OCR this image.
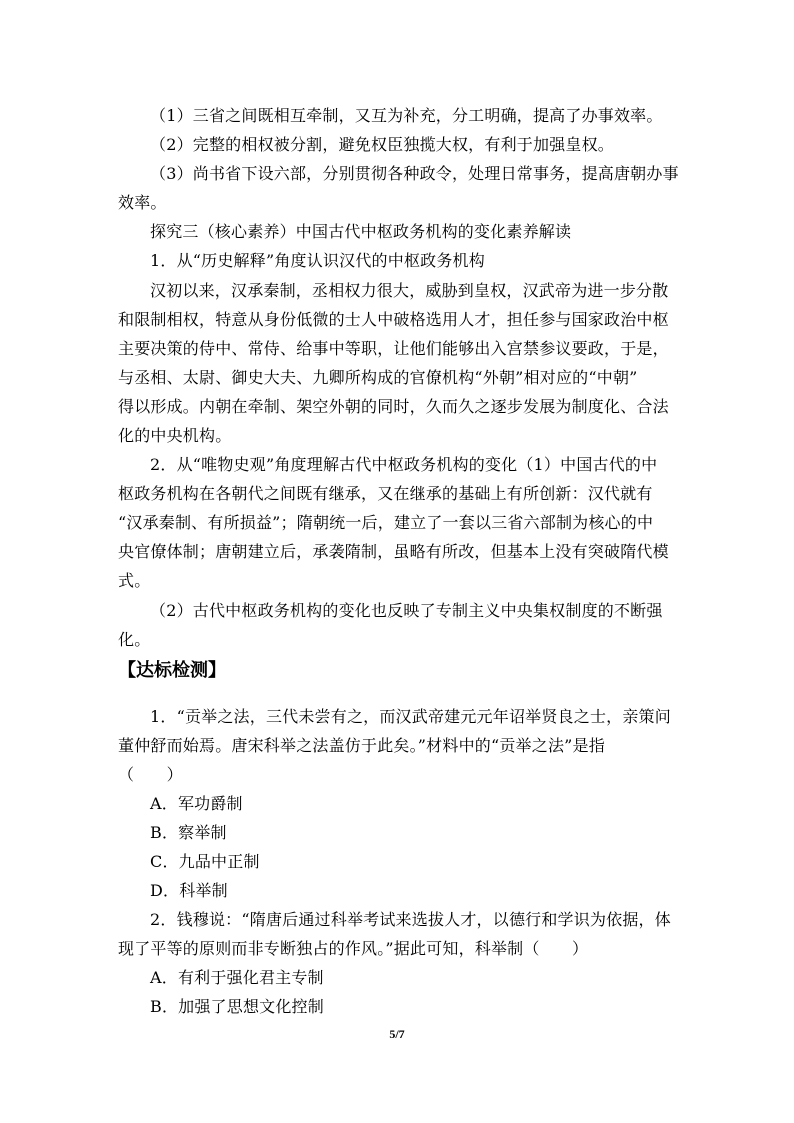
（1）三省之间既相互牵制，又互为补充，分工明确，提高了办事效率。
（2）完整的相权被分割，避免权臣独揽大权，有利于加强皇权。
（3）尚书省下设六部，分别贯彻各种政令，处理日常事务，提高唐朝办事
效率。
探究三（核心素养）中国古代中枢政务机构的变化素养解读
1．从“历史解释”角度认识汉代的中枢政务机构
汉初以来，汉承秦制，丞相权力很大，威胁到皇权，汉武帝为进一步分散
和限制相权，特意从身份低微的士人中破格选用人才，担任参与国家政治中枢
主要决策的侍中、常侍、给事中等职，让他们能够出入宫禁参议要政，于是，
与丞相、太尉、御史大夫、九卿所构成的官僚机构“外朝”相对应的“中朝”
得以形成。内朝在牵制、架空外朝的同时，久而久之逐步发展为制度化、合法
化的中央机构。
2．从“唯物史观”角度理解古代中枢政务机构的变化（1）中国古代的中
枢政务机构在各朝代之间既有继承，又在继承的基础上有所创新：汉代就有
“汉承秦制、有所损益”；隋朝统一后，建立了一套以三省六部制为核心的中
央官僚体制；唐朝建立后，承袭隋制，虽略有所改，但基本上没有突破隋代模
式。
（2）古代中枢政务机构的变化也反映了专制主义中央集权制度的不断强
化。
【达标检测】
1．“贡举之法，三代未尝有之，而汉武帝建元元年诏举贤良之士，亲策问
董仲舒而始焉。唐宋科举之法盖仿于此矣。”材料中的“贡举之法”是指
（　　）
A．军功爵制
B．察举制
C．九品中正制
D．科举制
2．钱穆说：“隋唐后通过科举考试来选拔人才，以德行和学识为依据，体
现了平等的原则而非专断独占的作风。”据此可知，科举制（　　）
A．有利于强化君主专制
B．加强了思想文化控制
5/7
